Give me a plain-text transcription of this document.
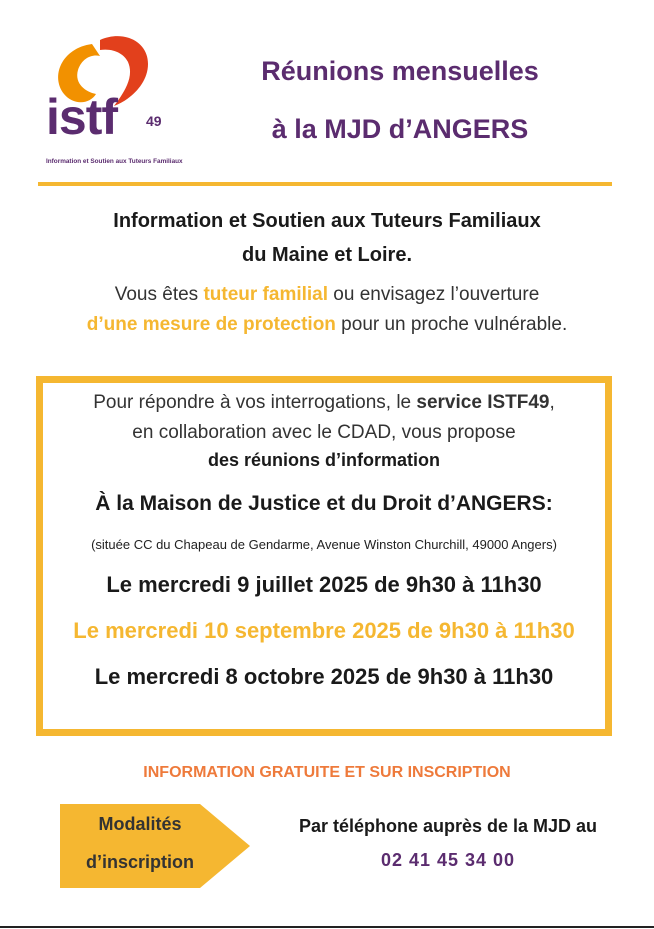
istf 49
Information et Soutien aux Tuteurs Familiaux
Réunions mensuelles
à la MJD d’ANGERS
Information et Soutien aux Tuteurs Familiaux
du Maine et Loire.
Vous êtes tuteur familial ou envisagez l’ouverture
d’une mesure de protection pour un proche vulnérable.
Pour répondre à vos interrogations, le service ISTF49,
en collaboration avec le CDAD, vous propose
des réunions d’information
À la Maison de Justice et du Droit d’ANGERS:
(située CC du Chapeau de Gendarme, Avenue Winston Churchill, 49000 Angers)
Le mercredi 9 juillet 2025 de 9h30 à 11h30
Le mercredi 10 septembre 2025 de 9h30 à 11h30
Le mercredi 8 octobre 2025 de 9h30 à 11h30
INFORMATION GRATUITE ET SUR INSCRIPTION
Modalités
d’inscription
Par téléphone auprès de la MJD au
02 41 45 34 00
